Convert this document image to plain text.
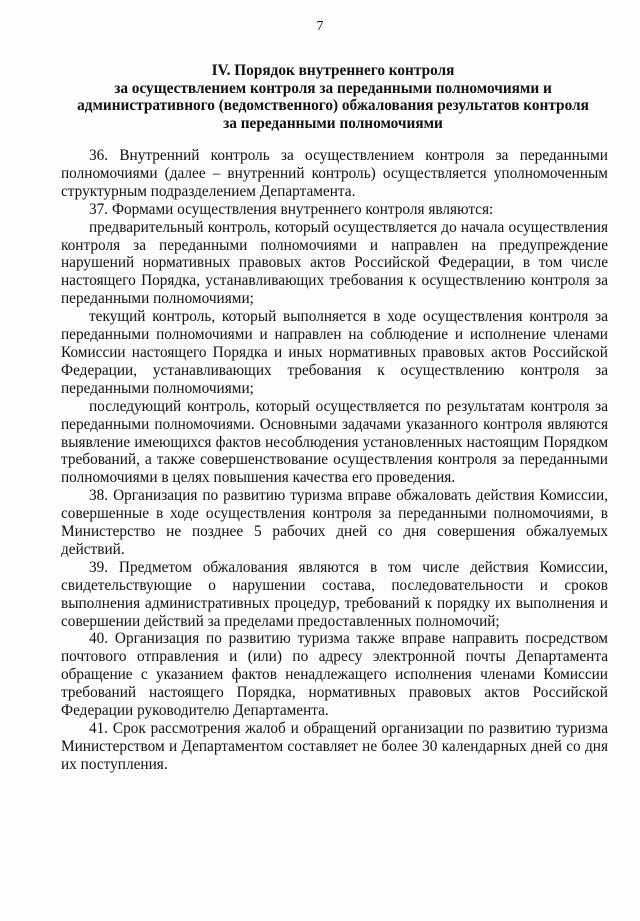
7
IV. Порядок внутреннего контроля
за осуществлением контроля за переданными полномочиями и
административного (ведомственного) обжалования результатов контроля
за переданными полномочиями

36. Внутренний контроль за осуществлением контроля за переданными полномочиями (далее – внутренний контроль) осуществляется уполномоченным структурным подразделением Департамента.

37. Формами осуществления внутреннего контроля являются:

предварительный контроль, который осуществляется до начала осуществления контроля за переданными полномочиями и направлен на предупреждение нарушений нормативных правовых актов Российской Федерации, в том числе настоящего Порядка, устанавливающих требования к осуществлению контроля за переданными полномочиями;

текущий контроль, который выполняется в ходе осуществления контроля за переданными полномочиями и направлен на соблюдение и исполнение членами Комиссии настоящего Порядка и иных нормативных правовых актов Российской Федерации, устанавливающих требования к осуществлению контроля за переданными полномочиями;

последующий контроль, который осуществляется по результатам контроля за переданными полномочиями. Основными задачами указанного контроля являются выявление имеющихся фактов несоблюдения установленных настоящим Порядком требований, а также совершенствование осуществления контроля за переданными полномочиями в целях повышения качества его проведения.

38. Организация по развитию туризма вправе обжаловать действия Комиссии, совершенные в ходе осуществления контроля за переданными полномочиями, в Министерство не позднее 5 рабочих дней со дня совершения обжалуемых действий.

39. Предметом обжалования являются в том числе действия Комиссии, свидетельствующие о нарушении состава, последовательности и сроков выполнения административных процедур, требований к порядку их выполнения и совершении действий за пределами предоставленных полномочий;

40. Организация по развитию туризма также вправе направить посредством почтового отправления и (или) по адресу электронной почты Департамента обращение с указанием фактов ненадлежащего исполнения членами Комиссии требований настоящего Порядка, нормативных правовых актов Российской Федерации руководителю Департамента.

41. Срок рассмотрения жалоб и обращений организации по развитию туризма Министерством и Департаментом составляет не более 30 календарных дней со дня их поступления.
